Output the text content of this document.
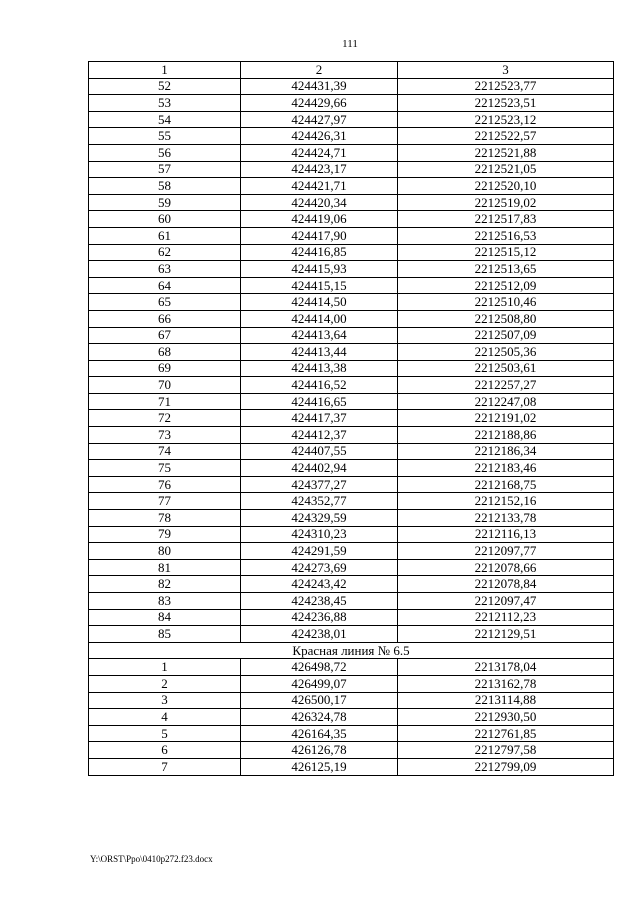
111
1	2	3
52	424431,39	2212523,77
53	424429,66	2212523,51
54	424427,97	2212523,12
55	424426,31	2212522,57
56	424424,71	2212521,88
57	424423,17	2212521,05
58	424421,71	2212520,10
59	424420,34	2212519,02
60	424419,06	2212517,83
61	424417,90	2212516,53
62	424416,85	2212515,12
63	424415,93	2212513,65
64	424415,15	2212512,09
65	424414,50	2212510,46
66	424414,00	2212508,80
67	424413,64	2212507,09
68	424413,44	2212505,36
69	424413,38	2212503,61
70	424416,52	2212257,27
71	424416,65	2212247,08
72	424417,37	2212191,02
73	424412,37	2212188,86
74	424407,55	2212186,34
75	424402,94	2212183,46
76	424377,27	2212168,75
77	424352,77	2212152,16
78	424329,59	2212133,78
79	424310,23	2212116,13
80	424291,59	2212097,77
81	424273,69	2212078,66
82	424243,42	2212078,84
83	424238,45	2212097,47
84	424236,88	2212112,23
85	424238,01	2212129,51
Красная линия № 6.5		
1	426498,72	2213178,04
2	426499,07	2213162,78
3	426500,17	2213114,88
4	426324,78	2212930,50
5	426164,35	2212761,85
6	426126,78	2212797,58
7	426125,19	2212799,09
Y:\ORST\Ppo\0410p272.f23.docx
